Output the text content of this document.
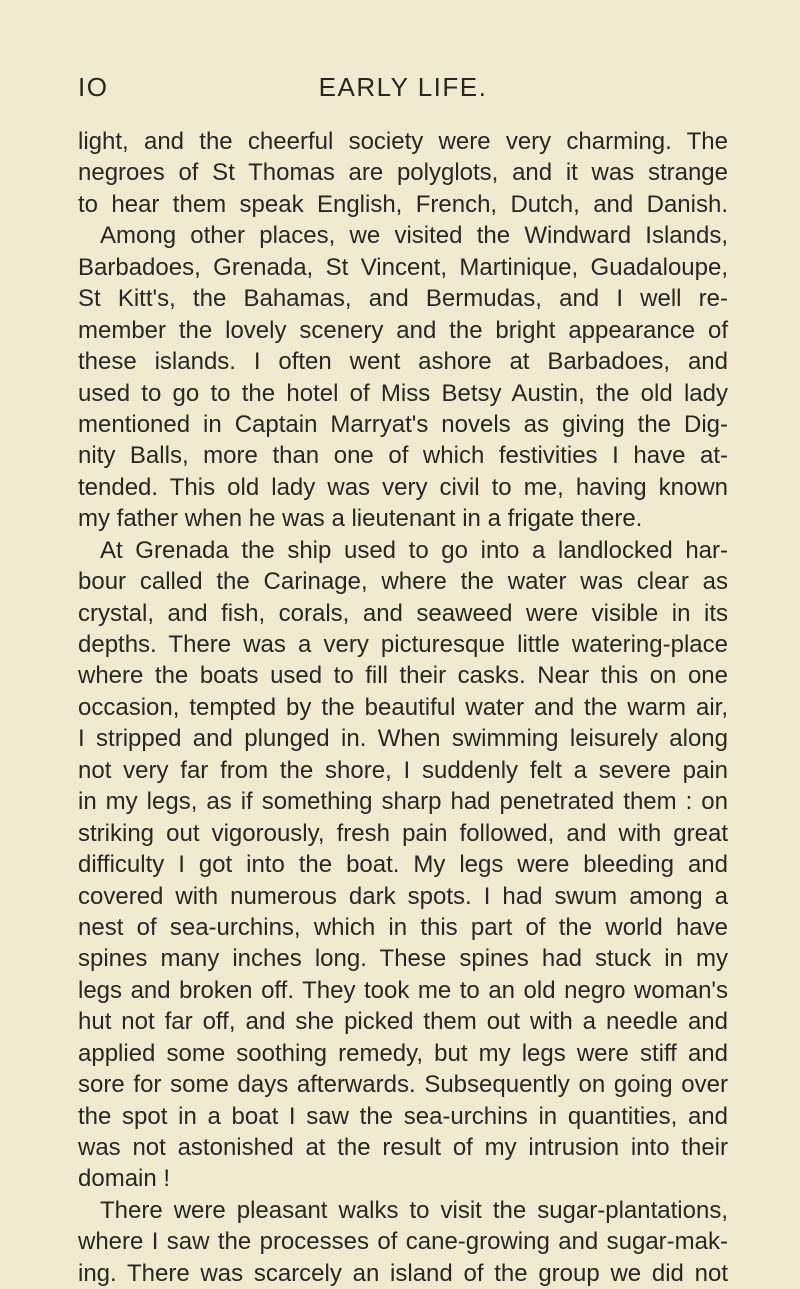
IO	EARLY LIFE.
light, and the cheerful society were very charming. The
negroes of St Thomas are polyglots, and it was strange
to hear them speak English, French, Dutch, and Danish.
Among other places, we visited the Windward Islands,
Barbadoes, Grenada, St Vincent, Martinique, Guadaloupe,
St Kitt's, the Bahamas, and Bermudas, and I well re-
member the lovely scenery and the bright appearance of
these islands. I often went ashore at Barbadoes, and
used to go to the hotel of Miss Betsy Austin, the old lady
mentioned in Captain Marryat's novels as giving the Dig-
nity Balls, more than one of which festivities I have at-
tended. This old lady was very civil to me, having known
my father when he was a lieutenant in a frigate there.
At Grenada the ship used to go into a landlocked har-
bour called the Carinage, where the water was clear as
crystal, and fish, corals, and seaweed were visible in its
depths. There was a very picturesque little watering-place
where the boats used to fill their casks. Near this on one
occasion, tempted by the beautiful water and the warm air,
I stripped and plunged in. When swimming leisurely along
not very far from the shore, I suddenly felt a severe pain
in my legs, as if something sharp had penetrated them : on
striking out vigorously, fresh pain followed, and with great
difficulty I got into the boat. My legs were bleeding and
covered with numerous dark spots. I had swum among a
nest of sea-urchins, which in this part of the world have
spines many inches long. These spines had stuck in my
legs and broken off. They took me to an old negro woman's
hut not far off, and she picked them out with a needle and
applied some soothing remedy, but my legs were stiff and
sore for some days afterwards. Subsequently on going over
the spot in a boat I saw the sea-urchins in quantities, and
was not astonished at the result of my intrusion into their
domain !
There were pleasant walks to visit the sugar-plantations,
where I saw the processes of cane-growing and sugar-mak-
ing. There was scarcely an island of the group we did not
